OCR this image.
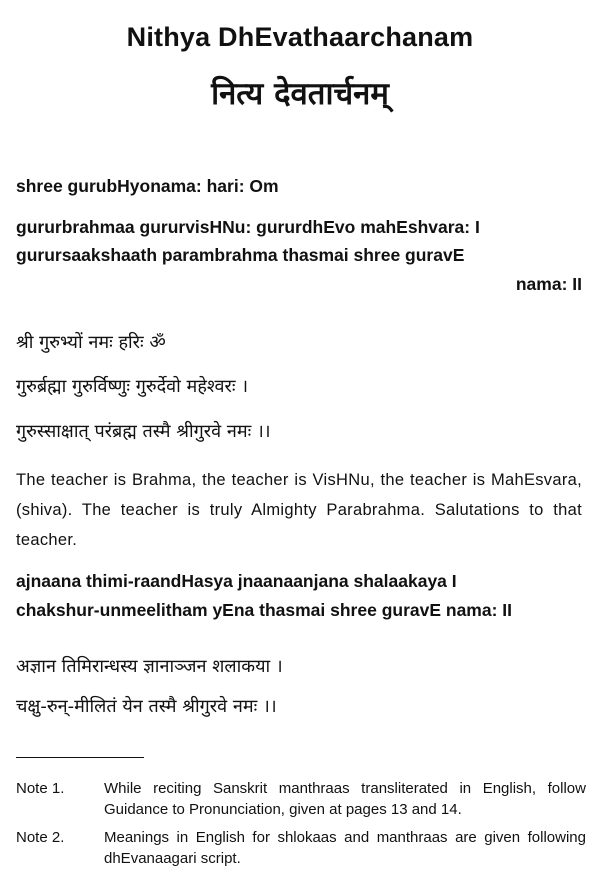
Nithya DhEvathaarchanam
नित्य देवतार्चनम्
shree gurubHyonama: hari: Om
gururbrahmaa gururvisHNu: gururdhEvo mahEshvara: I
gurursaakshaath parambrahma thasmai shree guravE
nama: II
श्री गुरुभ्यों नमः हरिः ॐ
गुरुर्ब्रह्मा गुरुर्विष्णुः गुरुर्देवो महेश्वरः ।
गुरुस्साक्षात् परंब्रह्म तस्मै श्रीगुरवे नमः ।।
The teacher is Brahma, the teacher is VisHNu, the teacher is MahEsvara, (shiva). The teacher is truly Almighty Parabrahma. Salutations to that teacher.
ajnaana thimi-raandHasya jnaanaanjana shalaakaya I
chakshur-unmeelitham yEna thasmai shree guravE nama: II
अज्ञान तिमिरान्धस्य ज्ञानाञ्जन शलाकया ।
चक्षु-रुन्-मीलितं येन तस्मै श्रीगुरवे नमः ।।
Note 1.	While reciting Sanskrit manthraas transliterated in English, follow Guidance to Pronunciation, given at pages 13 and 14.
Note 2.	Meanings in English for shlokaas and manthraas are given following dhEvanaagari script.
